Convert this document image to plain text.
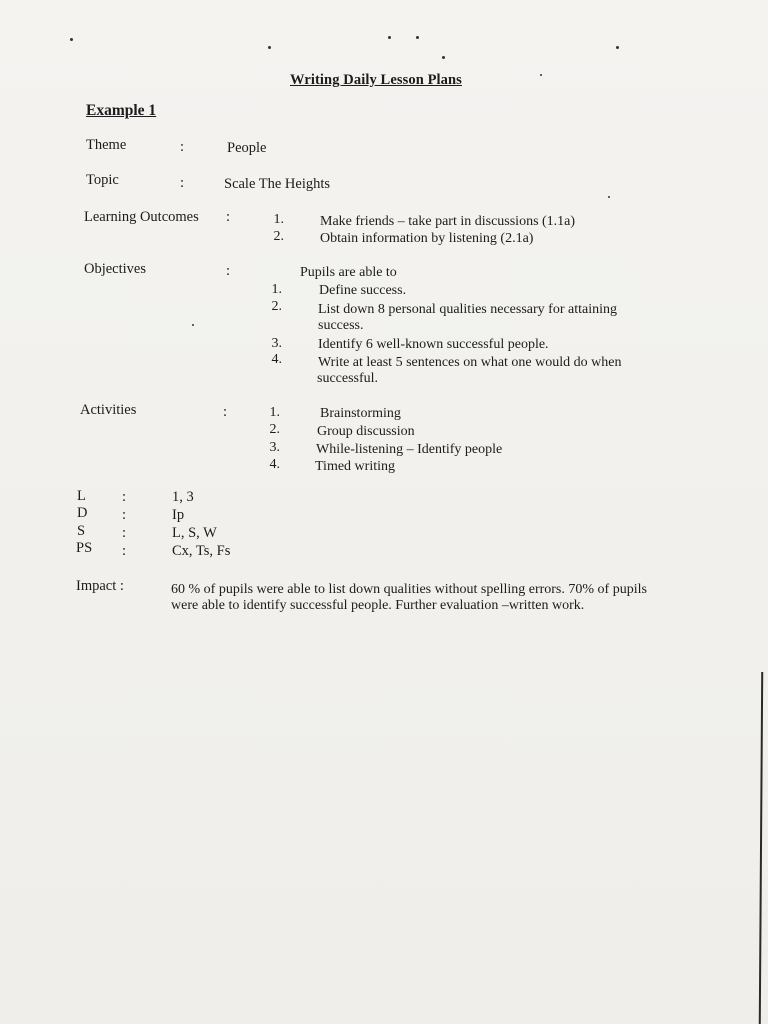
Writing Daily Lesson Plans
Example 1
Theme	:	People
Topic	:	Scale The Heights
Learning Outcomes :	1.	Make friends – take part in discussions (1.1a)
2.	Obtain information by listening (2.1a)
Objectives	:	Pupils are able to
1.	Define success.
2.	List down 8 personal qualities necessary for attaining
success.
3.	Identify 6 well-known successful people.
4.	Write at least 5 sentences on what one would do when
successful.
Activities	:	1.	Brainstorming
2.	Group discussion
3.	While-listening – Identify people
4.	Timed writing
L :	1, 3
D :	Ip
S	:	L, S, W
PS :	Cx, Ts, Fs
Impact :	60 % of pupils were able to list down qualities without spelling errors. 70% of pupils were able to identify successful people. Further evaluation –written work.
